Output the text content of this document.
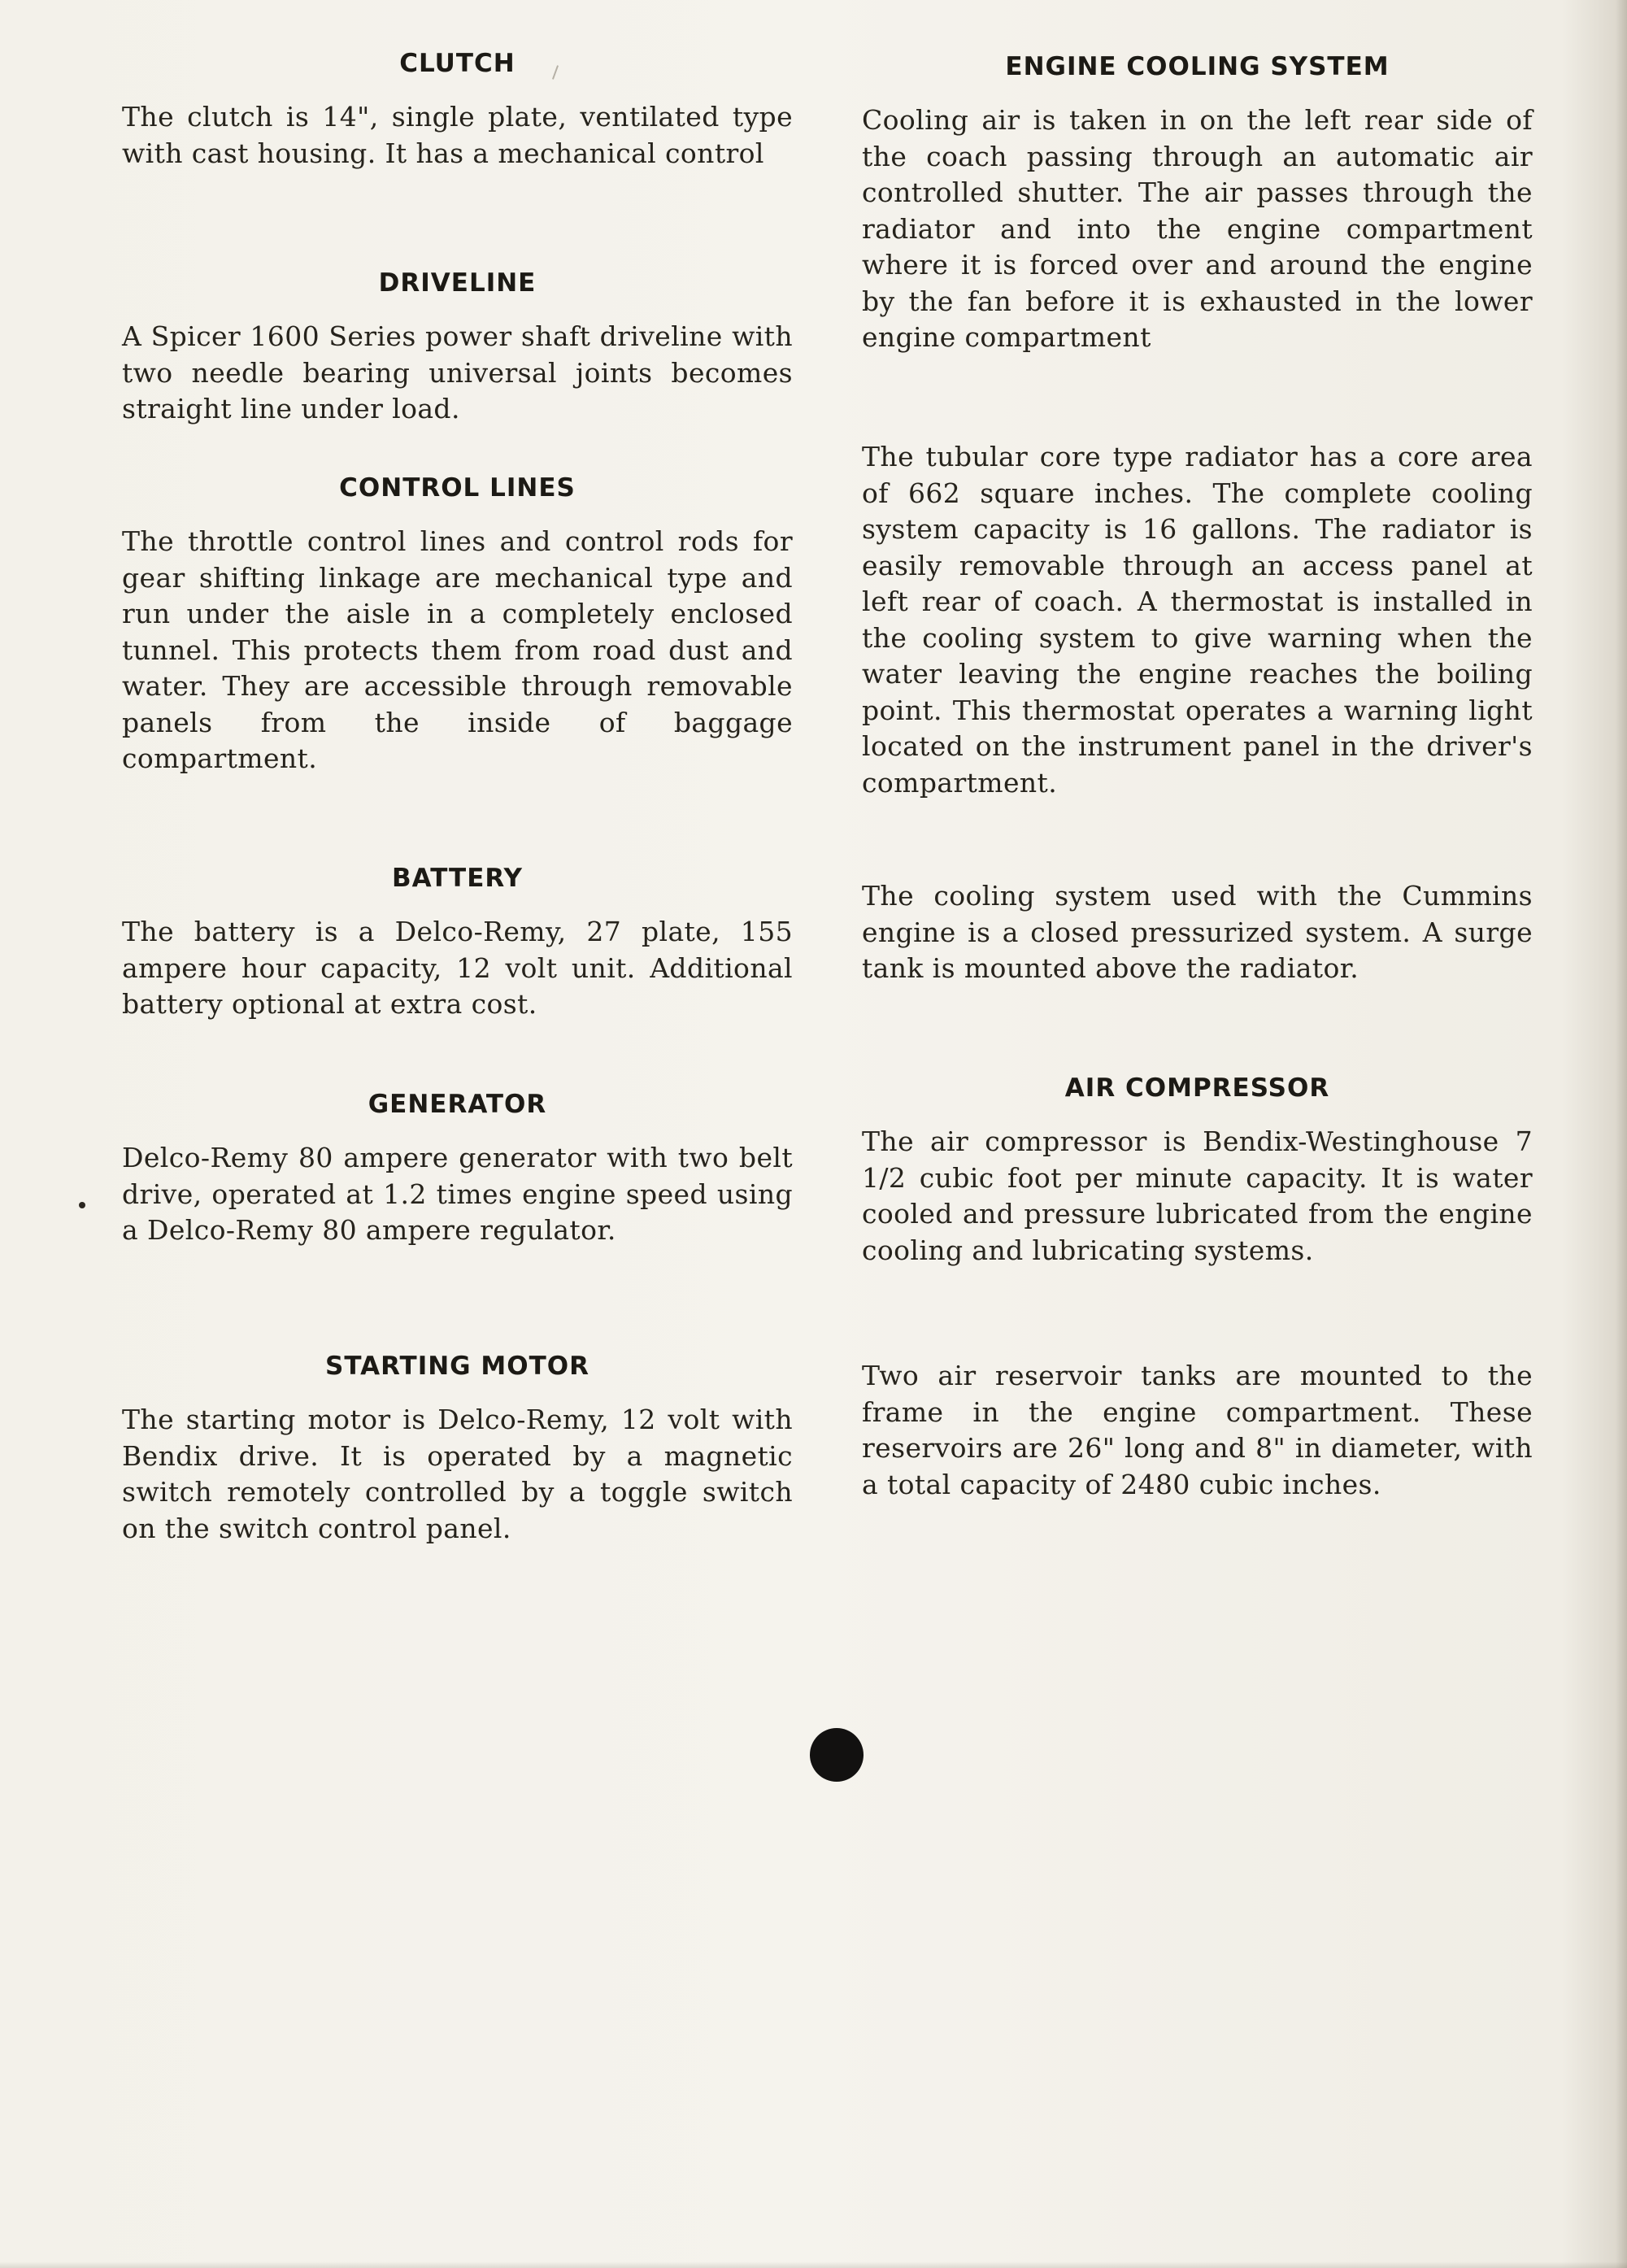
CLUTCH

The clutch is 14", single plate, ventilated type with cast housing. It has a mechanical control

DRIVELINE

A Spicer 1600 Series power shaft driveline with two needle bearing universal joints becomes straight line under load.

CONTROL LINES

The throttle control lines and control rods for gear shifting linkage are mechanical type and run under the aisle in a completely enclosed tunnel. This protects them from road dust and water. They are accessible through removable panels from the inside of baggage compartment.

BATTERY

The battery is a Delco-Remy, 27 plate, 155 ampere hour capacity, 12 volt unit. Additional battery optional at extra cost.

GENERATOR

Delco-Remy 80 ampere generator with two belt drive, operated at 1.2 times engine speed using a Delco-Remy 80 ampere regulator.

STARTING MOTOR

The starting motor is Delco-Remy, 12 volt with Bendix drive. It is operated by a magnetic switch remotely controlled by a toggle switch on the switch control panel.

ENGINE COOLING SYSTEM

Cooling air is taken in on the left rear side of the coach passing through an automatic air controlled shutter. The air passes through the radiator and into the engine compartment where it is forced over and around the engine by the fan before it is exhausted in the lower engine compartment

The tubular core type radiator has a core area of 662 square inches. The complete cooling system capacity is 16 gallons. The radiator is easily removable through an access panel at left rear of coach. A thermostat is installed in the cooling system to give warning when the water leaving the engine reaches the boiling point. This thermostat operates a warning light located on the instrument panel in the driver's compartment.

The cooling system used with the Cummins engine is a closed pressurized system. A surge tank is mounted above the radiator.

AIR COMPRESSOR

The air compressor is Bendix-Westinghouse 7 1/2 cubic foot per minute capacity. It is water cooled and pressure lubricated from the engine cooling and lubricating systems.

Two air reservoir tanks are mounted to the frame in the engine compartment. These reservoirs are 26" long and 8" in diameter, with a total capacity of 2480 cubic inches.
